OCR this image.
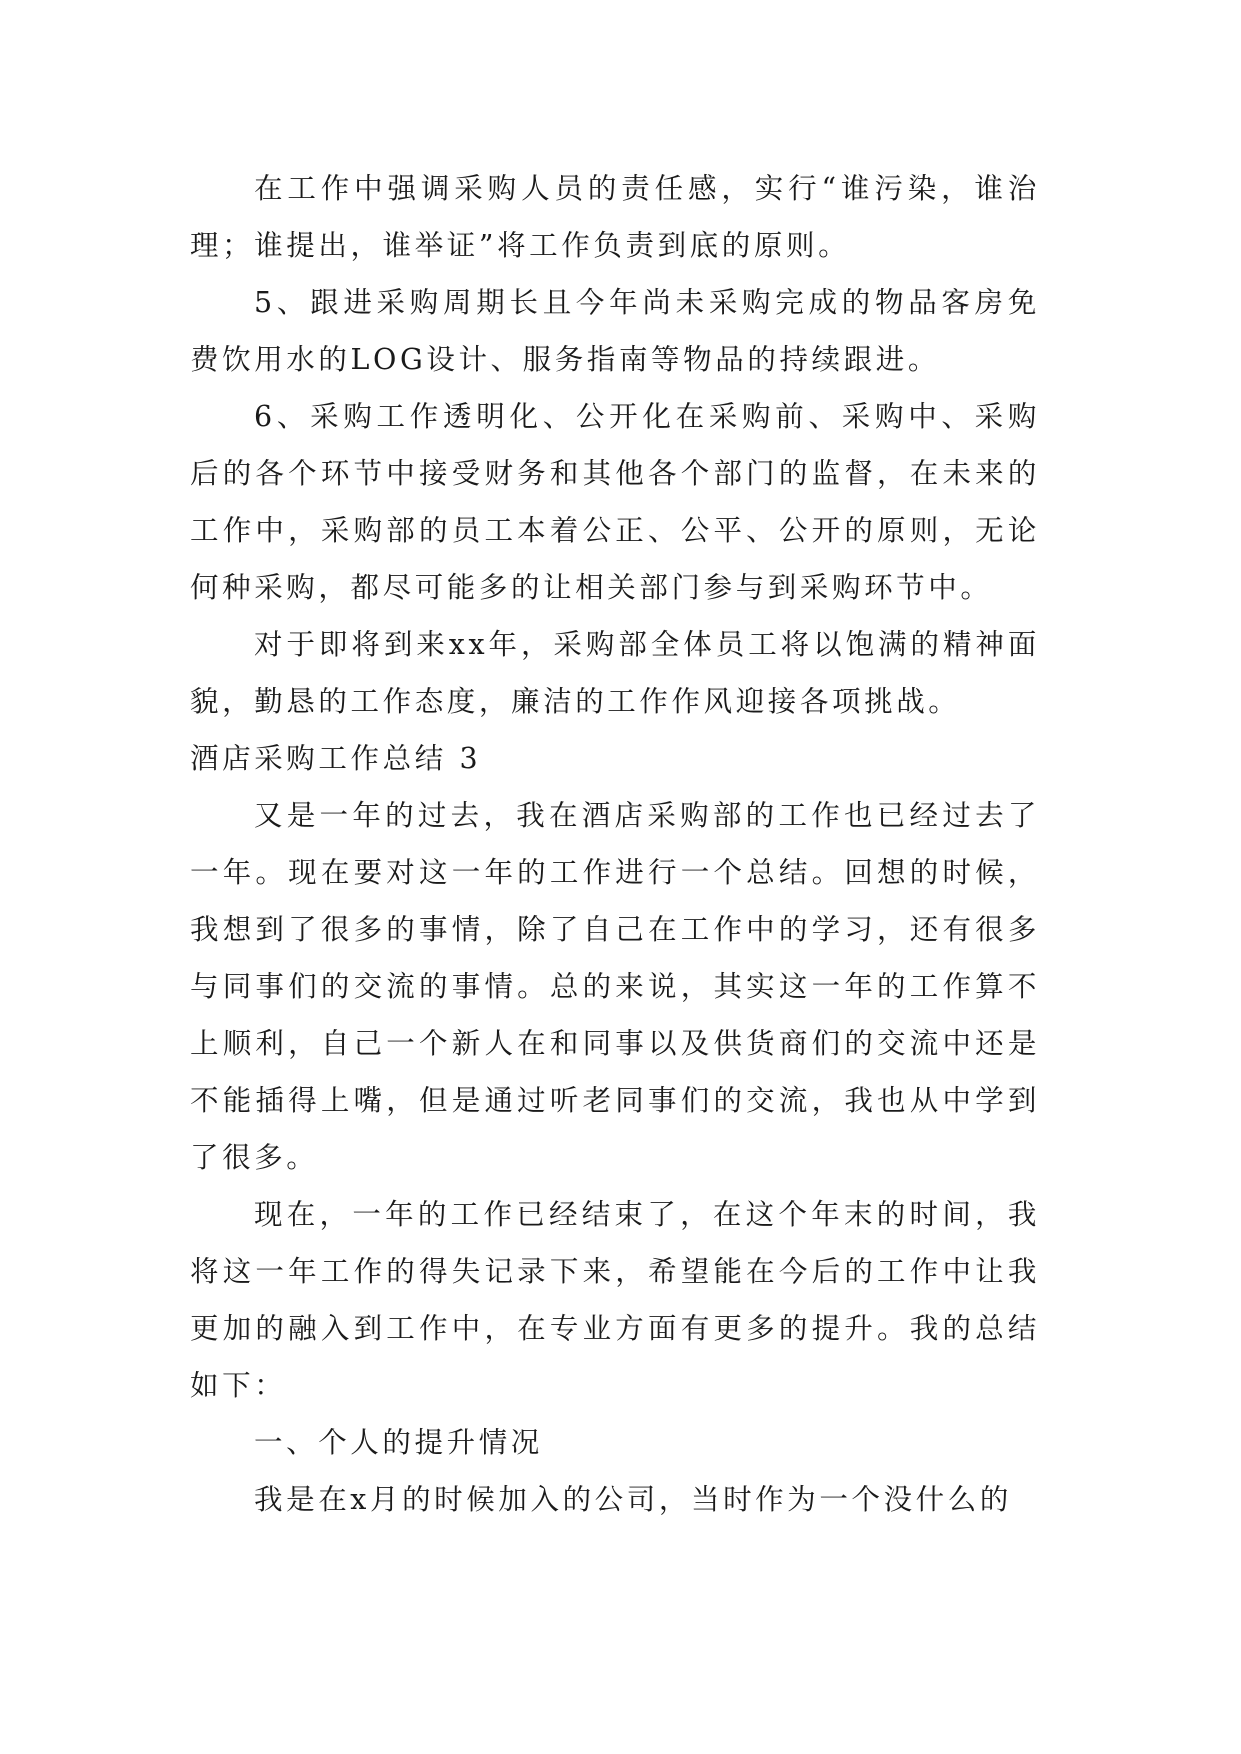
在工作中强调采购人员的责任感，实行“谁污染，谁治理；谁提出，谁举证”将工作负责到底的原则。

5、跟进采购周期长且今年尚未采购完成的物品客房免费饮用水的LOG设计、服务指南等物品的持续跟进。

6、采购工作透明化、公开化在采购前、采购中、采购后的各个环节中接受财务和其他各个部门的监督，在未来的工作中，采购部的员工本着公正、公平、公开的原则，无论何种采购，都尽可能多的让相关部门参与到采购环节中。

对于即将到来xx年，采购部全体员工将以饱满的精神面貌，勤恳的工作态度，廉洁的工作作风迎接各项挑战。

酒店采购工作总结 3

又是一年的过去，我在酒店采购部的工作也已经过去了一年。现在要对这一年的工作进行一个总结。回想的时候，我想到了很多的事情，除了自己在工作中的学习，还有很多与同事们的交流的事情。总的来说，其实这一年的工作算不上顺利，自己一个新人在和同事以及供货商们的交流中还是不能插得上嘴，但是通过听老同事们的交流，我也从中学到了很多。

现在，一年的工作已经结束了，在这个年末的时间，我将这一年工作的得失记录下来，希望能在今后的工作中让我更加的融入到工作中，在专业方面有更多的提升。我的总结如下：

一、个人的提升情况

我是在x月的时候加入的公司，当时作为一个没什么的
